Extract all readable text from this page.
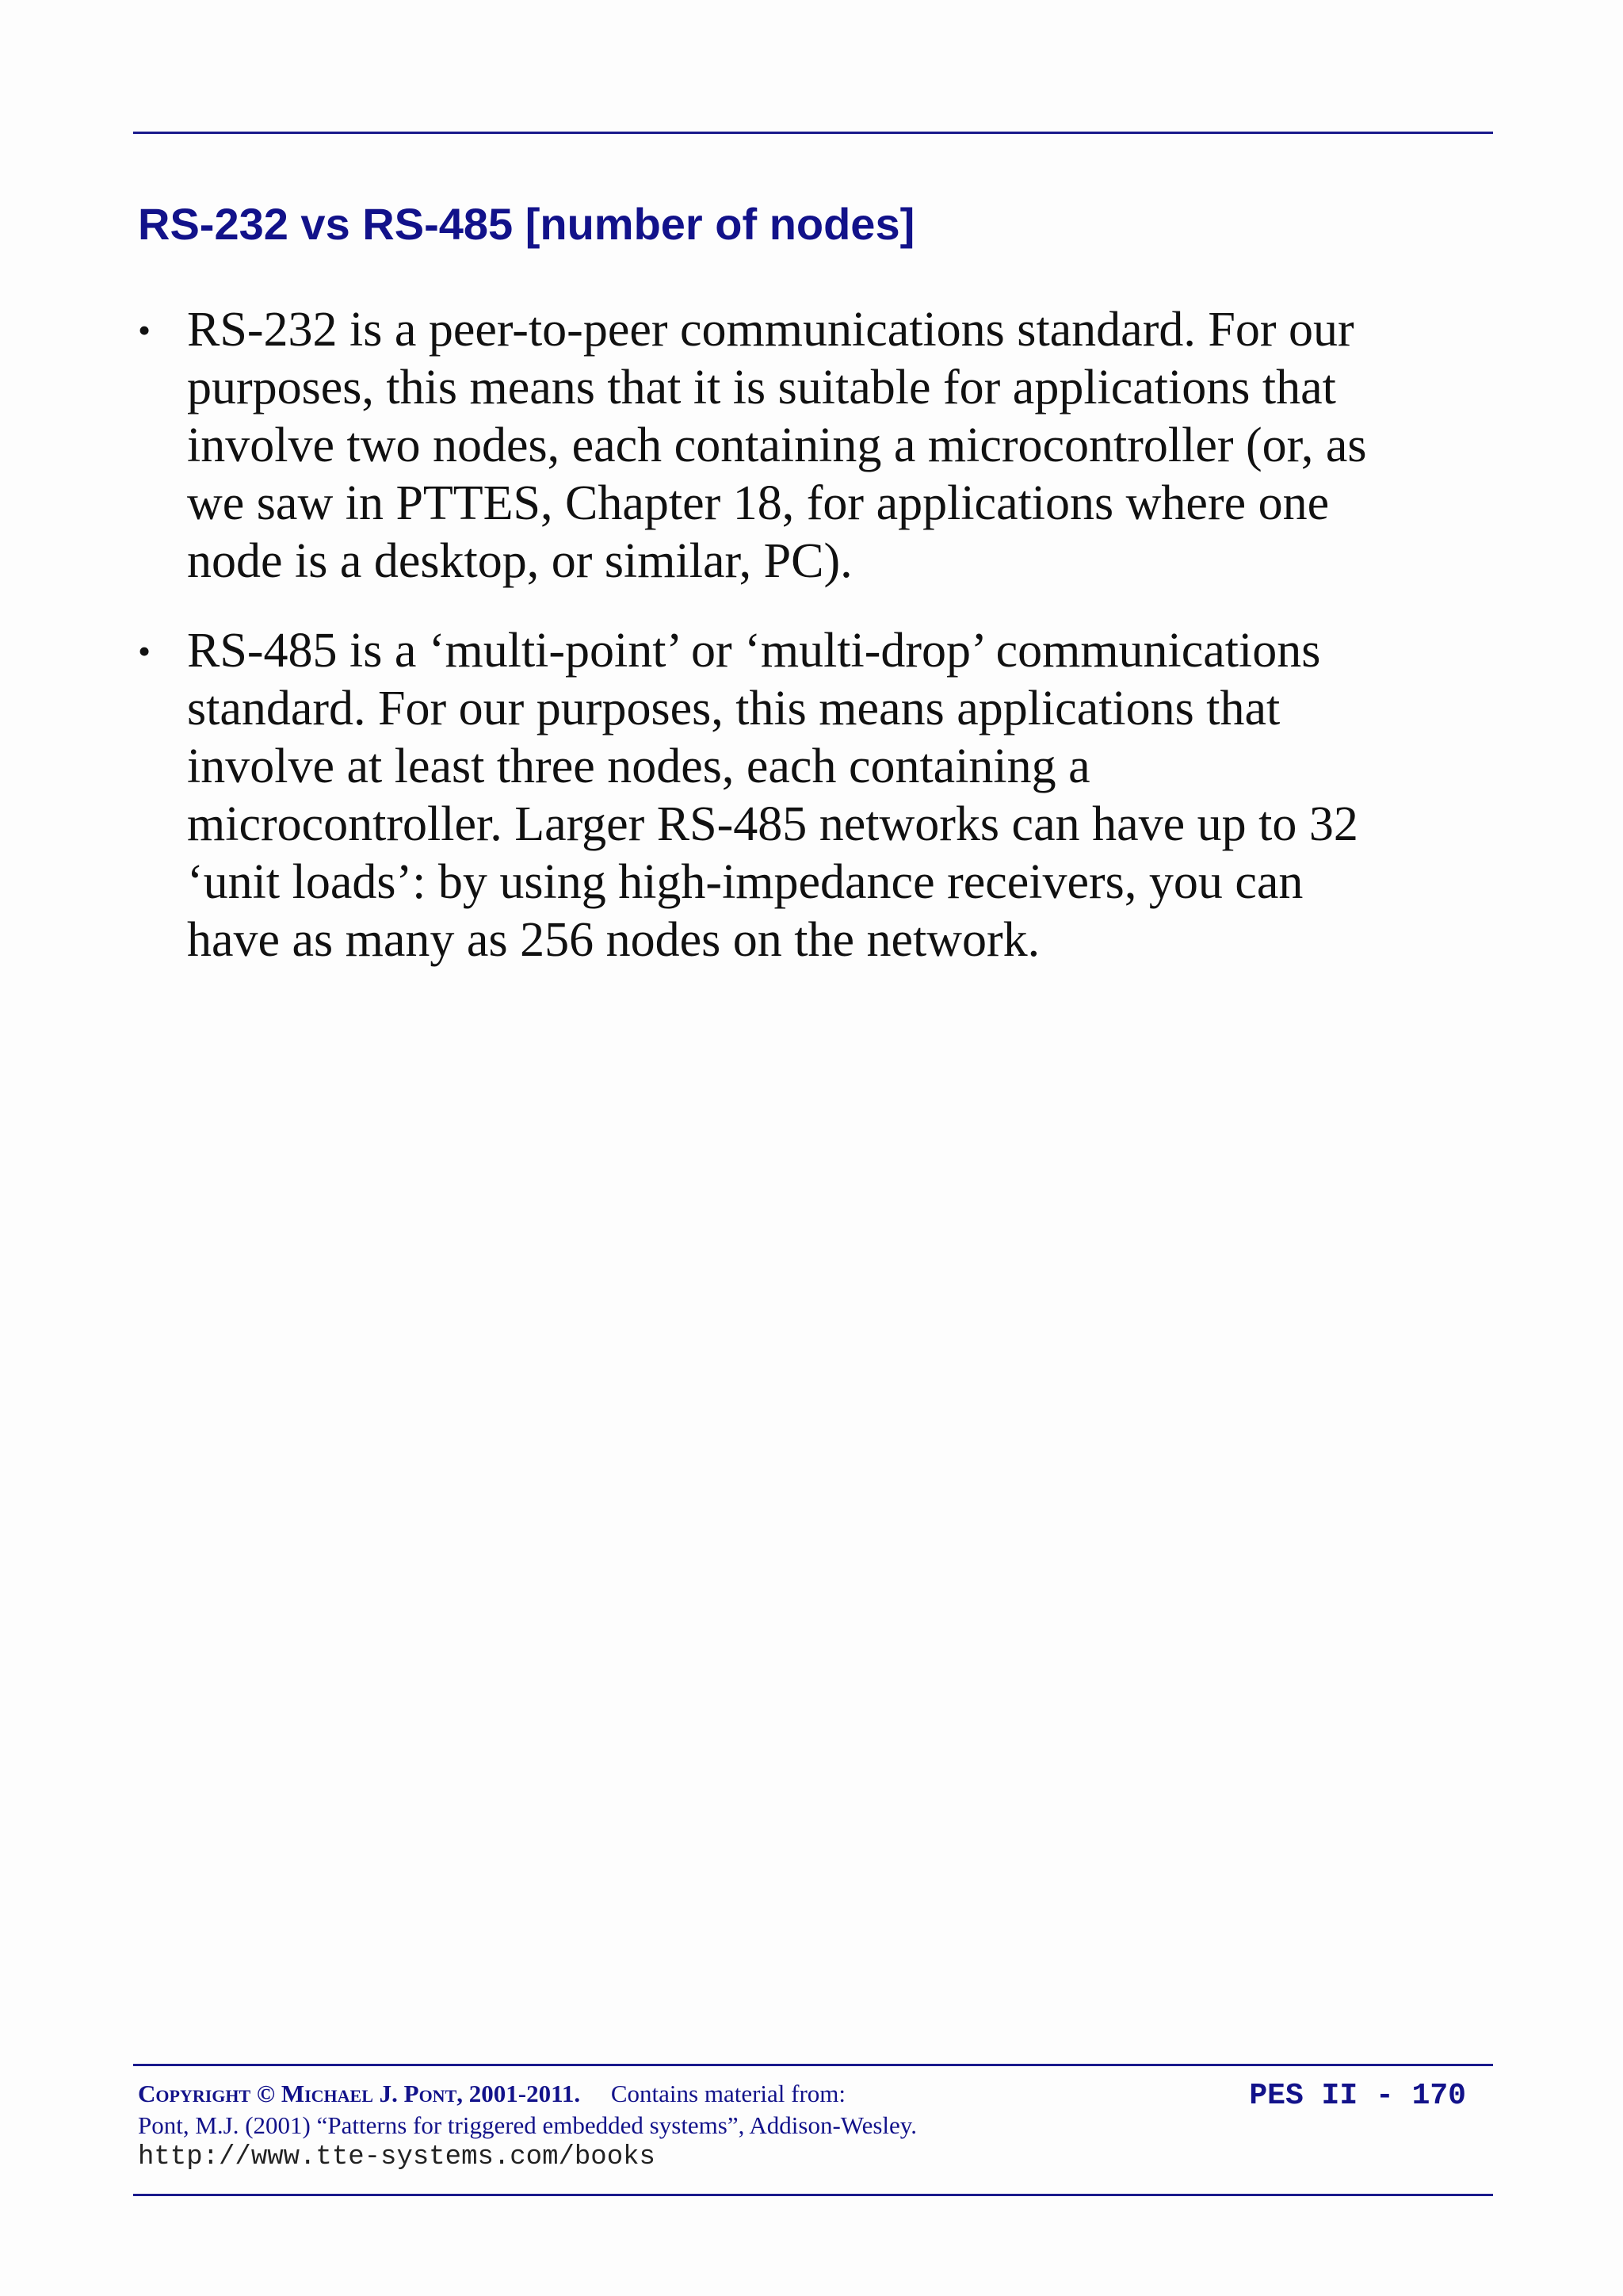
RS-232 vs RS-485 [number of nodes]
• RS-232 is a peer-to-peer communications standard. For our
purposes, this means that it is suitable for applications that
involve two nodes, each containing a microcontroller (or, as
we saw in PTTES, Chapter 18, for applications where one
node is a desktop, or similar, PC).
• RS-485 is a ‘multi-point’ or ‘multi-drop’ communications
standard. For our purposes, this means applications that
involve at least three nodes, each containing a
microcontroller. Larger RS-485 networks can have up to 32
‘unit loads’: by using high-impedance receivers, you can
have as many as 256 nodes on the network.
Copyright © Michael J. Pont, 2001-2011. Contains material from:
Pont, M.J. (2001) “Patterns for triggered embedded systems”, Addison-Wesley.
http://www.tte-systems.com/books
PES II - 170
